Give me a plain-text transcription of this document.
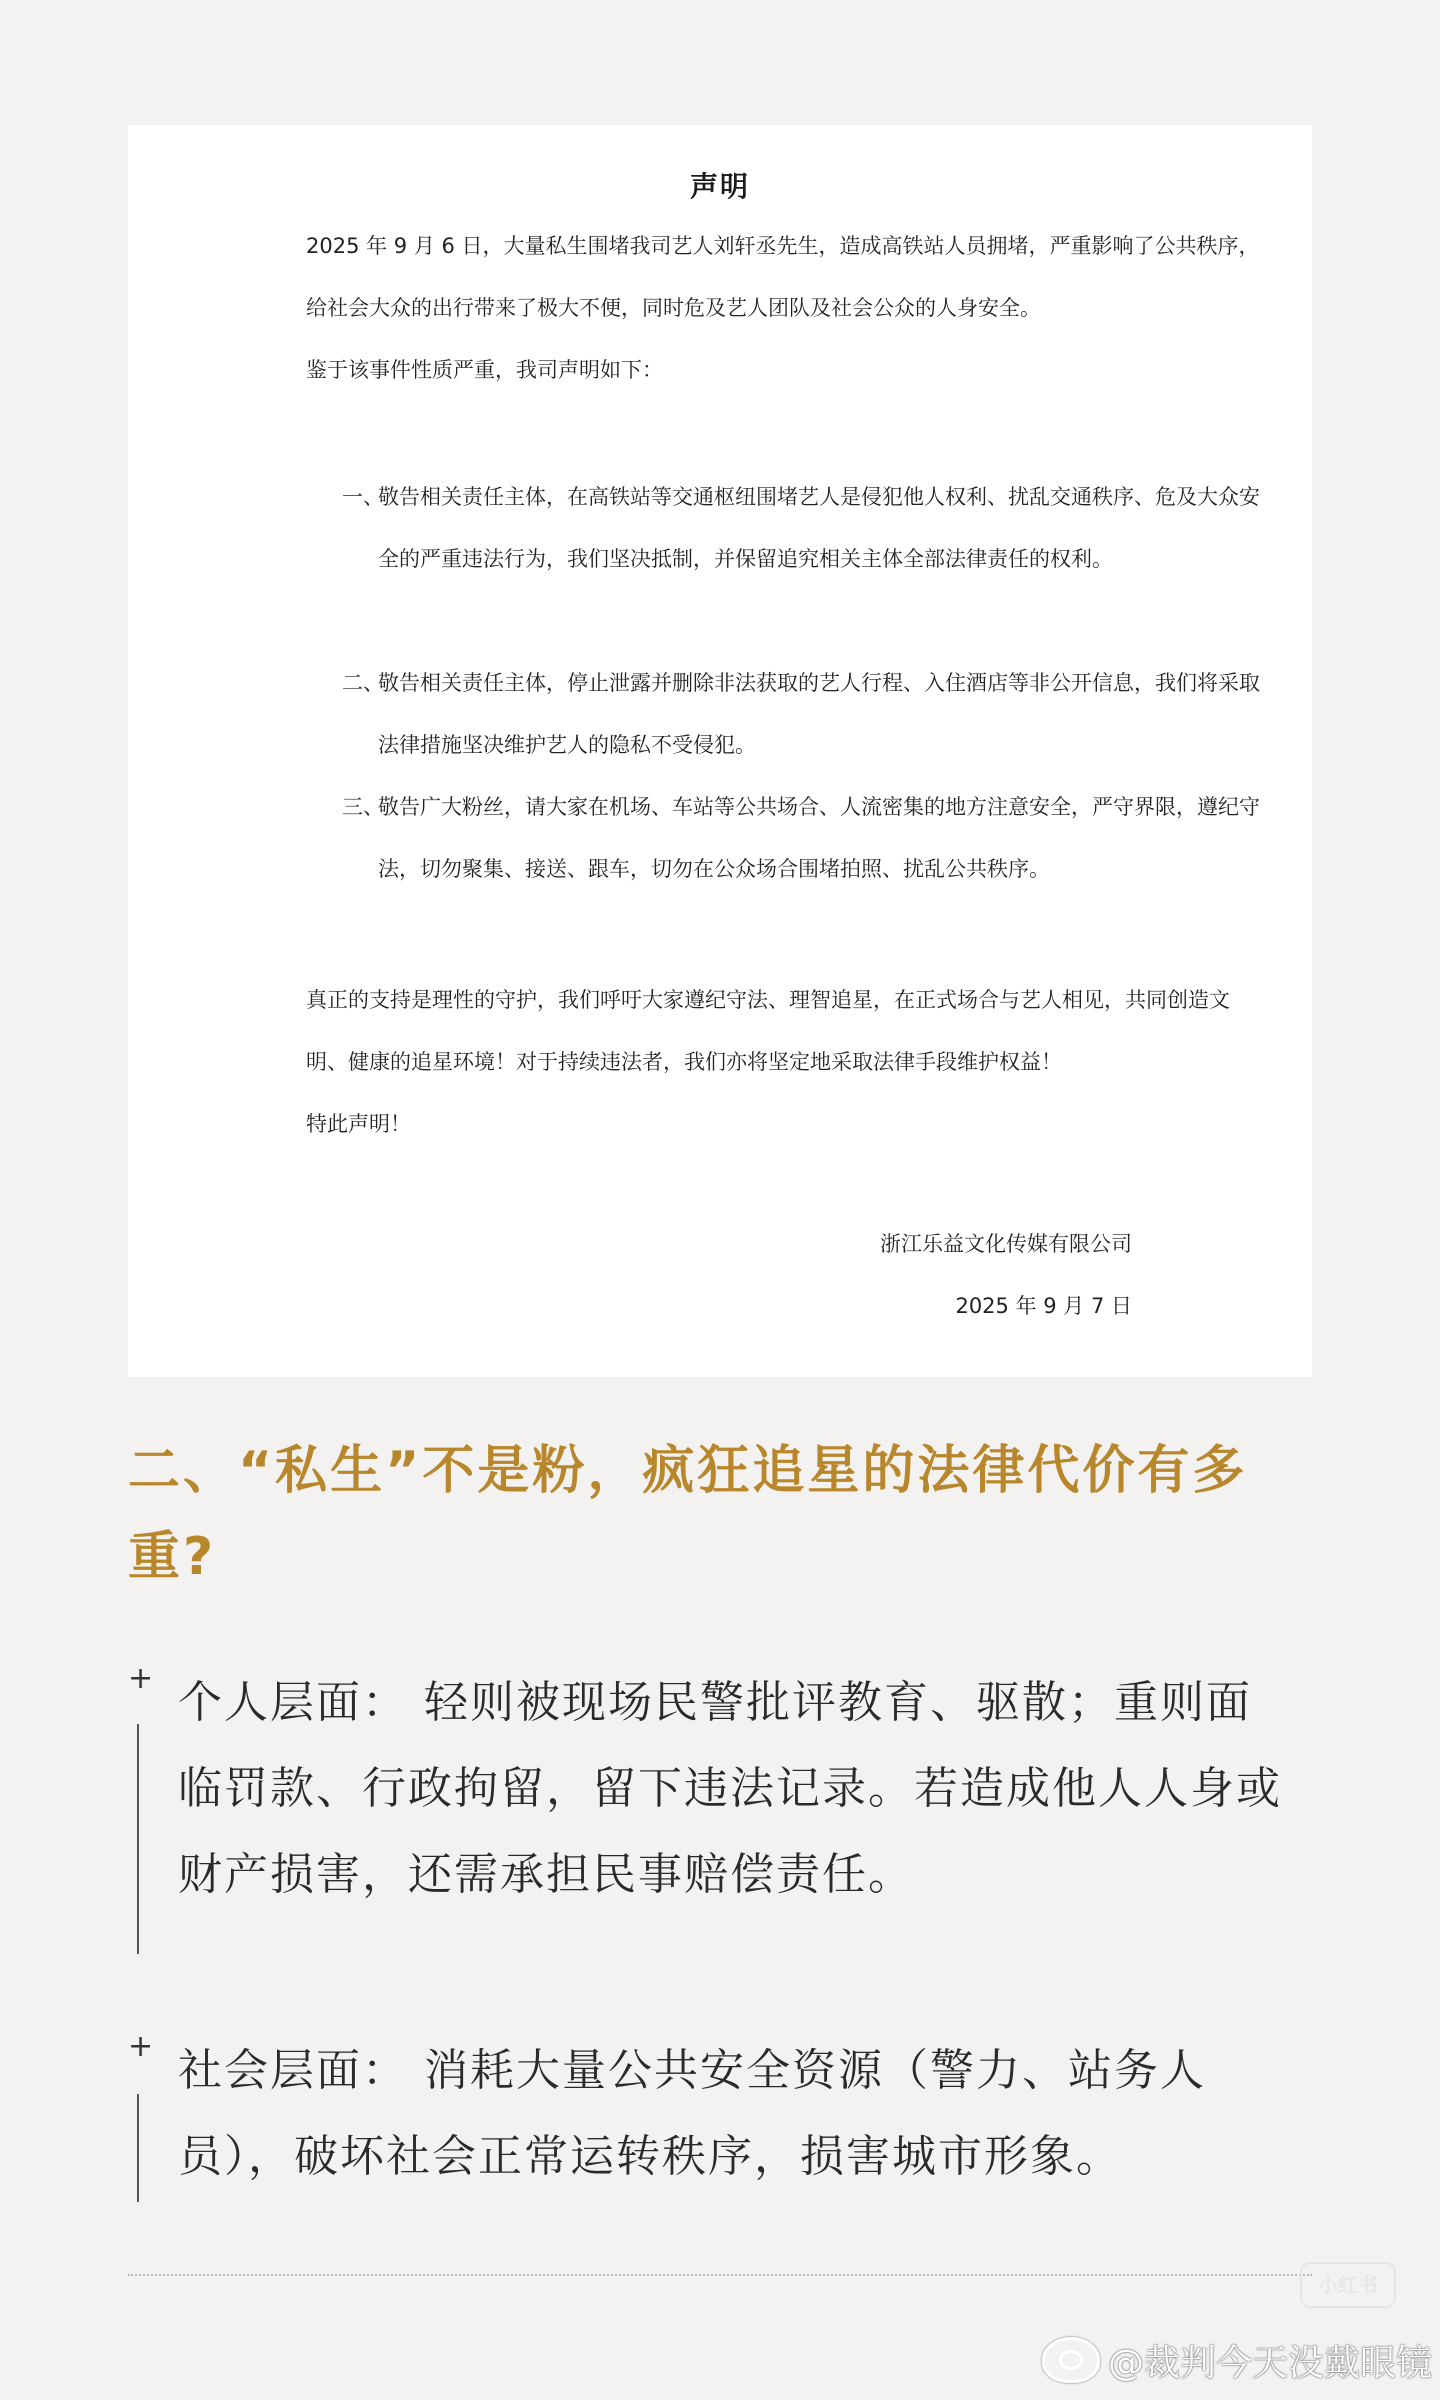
声明

2025 年 9 月 6 日，大量私生围堵我司艺人刘轩丞先生，造成高铁站人员拥堵，严重影响了公共秩序，给社会大众的出行带来了极大不便，同时危及艺人团队及社会公众的人身安全。

鉴于该事件性质严重，我司声明如下：

一、
敬告相关责任主体，在高铁站等交通枢纽围堵艺人是侵犯他人权利、扰乱交通秩序、危及大众安全的严重违法行为，我们坚决抵制，并保留追究相关主体全部法律责任的权利。
二、
敬告相关责任主体，停止泄露并删除非法获取的艺人行程、入住酒店等非公开信息，我们将采取法律措施坚决维护艺人的隐私不受侵犯。
三、
敬告广大粉丝，请大家在机场、车站等公共场合、人流密集的地方注意安全，严守界限，遵纪守法，切勿聚集、接送、跟车，切勿在公众场合围堵拍照、扰乱公共秩序。

真正的支持是理性的守护，我们呼吁大家遵纪守法、理智追星，在正式场合与艺人相见，共同创造文明、健康的追星环境！对于持续违法者，我们亦将坚定地采取法律手段维护权益！

特此声明！

浙江乐益文化传媒有限公司
2025 年 9 月 7 日
二、“私生”不是粉，疯狂追星的法律代价有多重?
+ 个人层面： 轻则被现场民警批评教育、驱散；重则面临罚款、行政拘留，留下违法记录。若造成他人人身或财产损害，还需承担民事赔偿责任。

+ 社会层面： 消耗大量公共安全资源（警力、站务人员），破坏社会正常运转秩序，损害城市形象。

小红书
@裁判今天没戴眼镜
